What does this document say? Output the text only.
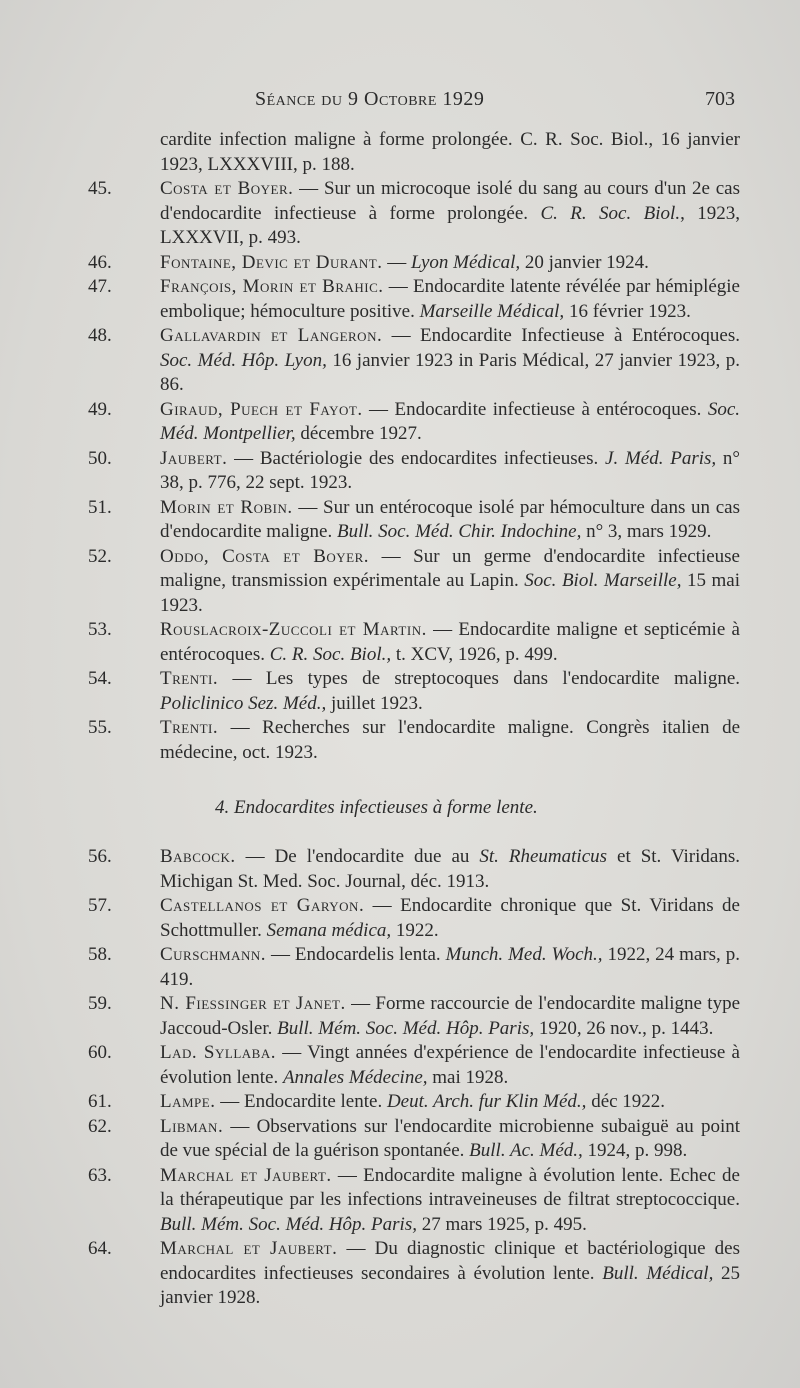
Séance du 9 Octobre 1929	703
cardite infection maligne à forme prolongée. C. R. Soc. Biol., 16 janvier 1923, LXXXVIII, p. 188.
45.	Costa et Boyer. — Sur un microcoque isolé du sang au cours d'un 2e cas d'endocardite infectieuse à forme prolongée. C. R. Soc. Biol., 1923, LXXXVII, p. 493.
46.	Fontaine, Devic et Durant. — Lyon Médical, 20 janvier 1924.
47.	François, Morin et Brahic. — Endocardite latente révélée par hémiplégie embolique; hémoculture positive. Marseille Médical, 16 février 1923.
48.	Gallavardin et Langeron. — Endocardite Infectieuse à Entérocoques. Soc. Méd. Hôp. Lyon, 16 janvier 1923 in Paris Médical, 27 janvier 1923, p. 86.
49.	Giraud, Puech et Fayot. — Endocardite infectieuse à entérocoques. Soc. Méd. Montpellier, décembre 1927.
50.	Jaubert. — Bactériologie des endocardites infectieuses. J. Méd. Paris, n° 38, p. 776, 22 sept. 1923.
51.	Morin et Robin. — Sur un entérocoque isolé par hémoculture dans un cas d'endocardite maligne. Bull. Soc. Méd. Chir. Indochine, n° 3, mars 1929.
52.	Oddo, Costa et Boyer. — Sur un germe d'endocardite infectieuse maligne, transmission expérimentale au Lapin. Soc. Biol. Marseille, 15 mai 1923.
53.	Rouslacroix-Zuccoli et Martin. — Endocardite maligne et septicémie à entérocoques. C. R. Soc. Biol., t. XCV, 1926, p. 499.
54.	Trenti. — Les types de streptocoques dans l'endocardite maligne. Policlinico Sez. Méd., juillet 1923.
55.	Trenti. — Recherches sur l'endocardite maligne. Congrès italien de médecine, oct. 1923.
4. Endocardites infectieuses à forme lente.
56.	Babcock. — De l'endocardite due au St. Rheumaticus et St. Viridans. Michigan St. Med. Soc. Journal, déc. 1913.
57.	Castellanos et Garyon. — Endocardite chronique que St. Viridans de Schottmuller. Semana médica, 1922.
58.	Curschmann. — Endocardelis lenta. Munch. Med. Woch., 1922, 24 mars, p. 419.
59.	N. Fiessinger et Janet. — Forme raccourcie de l'endocardite maligne type Jaccoud-Osler. Bull. Mém. Soc. Méd. Hôp. Paris, 1920, 26 nov., p. 1443.
60.	Lad. Syllaba. — Vingt années d'expérience de l'endocardite infectieuse à évolution lente. Annales Médecine, mai 1928.
61.	Lampe. — Endocardite lente. Deut. Arch. fur Klin Méd., déc 1922.
62.	Libman. — Observations sur l'endocardite microbienne subaiguë au point de vue spécial de la guérison spontanée. Bull. Ac. Méd., 1924, p. 998.
63.	Marchal et Jaubert. — Endocardite maligne à évolution lente. Echec de la thérapeutique par les infections intraveineuses de filtrat streptococcique. Bull. Mém. Soc. Méd. Hôp. Paris, 27 mars 1925, p. 495.
64.	Marchal et Jaubert. — Du diagnostic clinique et bactériologique des endocardites infectieuses secondaires à évolution lente. Bull. Médical, 25 janvier 1928.
